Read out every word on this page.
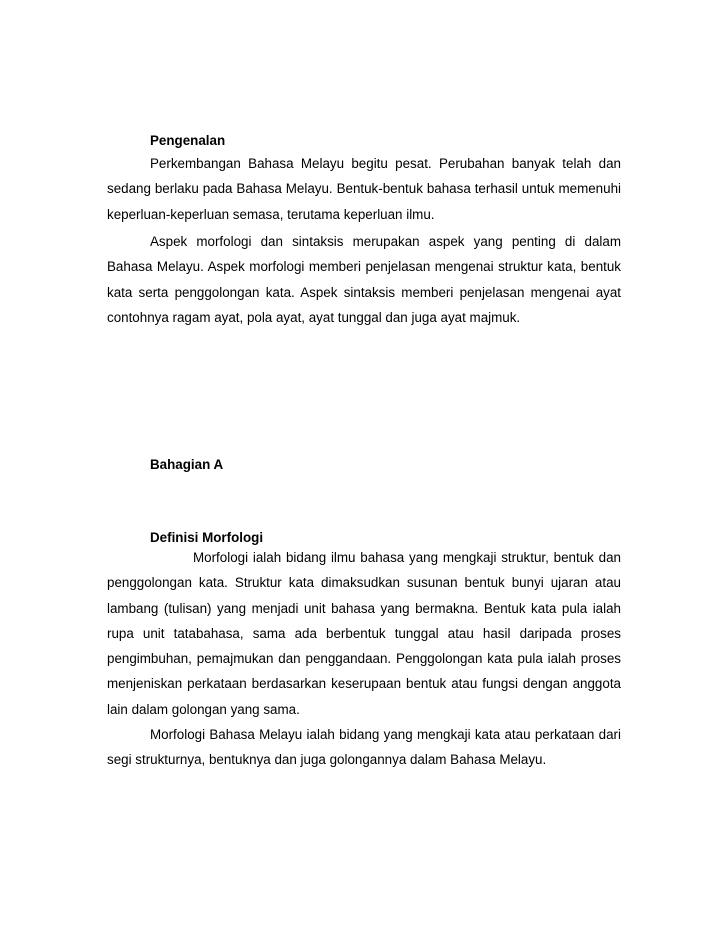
Pengenalan

Perkembangan Bahasa Melayu begitu pesat. Perubahan banyak telah dan sedang berlaku pada Bahasa Melayu. Bentuk-bentuk bahasa terhasil untuk memenuhi keperluan-keperluan semasa, terutama keperluan ilmu.

Aspek morfologi dan sintaksis merupakan aspek yang penting di dalam Bahasa Melayu. Aspek morfologi memberi penjelasan mengenai struktur kata, bentuk kata serta penggolongan kata. Aspek sintaksis memberi penjelasan mengenai ayat contohnya ragam ayat, pola ayat, ayat tunggal dan juga ayat majmuk.

Bahagian A

Definisi Morfologi

Morfologi ialah bidang ilmu bahasa yang mengkaji struktur, bentuk dan penggolongan kata. Struktur kata dimaksudkan susunan bentuk bunyi ujaran atau lambang (tulisan) yang menjadi unit bahasa yang bermakna. Bentuk kata pula ialah rupa unit tatabahasa, sama ada berbentuk tunggal atau hasil daripada proses pengimbuhan, pemajmukan dan penggandaan. Penggolongan kata pula ialah proses menjeniskan perkataan berdasarkan keserupaan bentuk atau fungsi dengan anggota lain dalam golongan yang sama.

Morfologi Bahasa Melayu ialah bidang yang mengkaji kata atau perkataan dari segi strukturnya, bentuknya dan juga golongannya dalam Bahasa Melayu.
